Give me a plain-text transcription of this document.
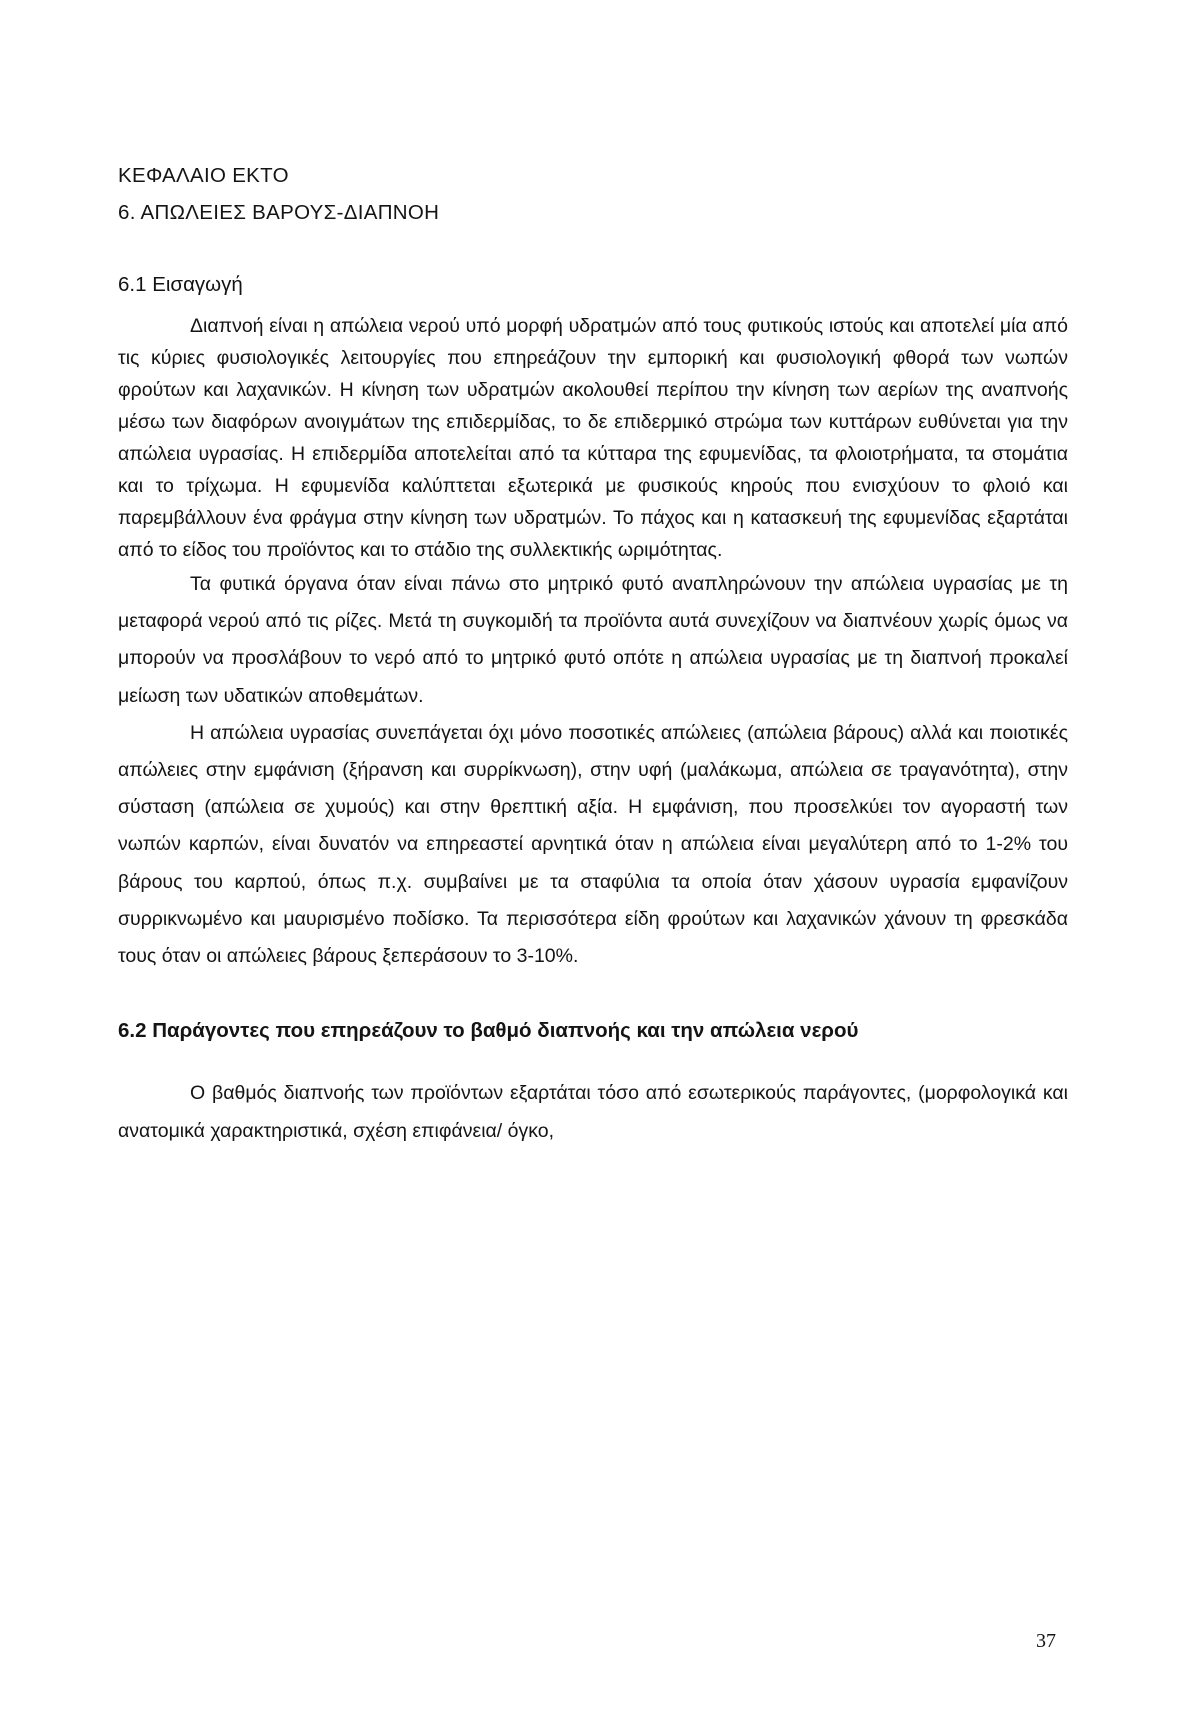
ΚΕΦΑΛΑΙΟ ΕΚΤΟ
6. ΑΠΩΛΕΙΕΣ ΒΑΡΟΥΣ-ΔΙΑΠΝΟΗ
6.1 Εισαγωγή

Διαπνοή είναι η απώλεια νερού υπό μορφή υδρατμών από τους φυτικούς ιστούς και αποτελεί μία από τις κύριες φυσιολογικές λειτουργίες που επηρεάζουν την εμπορική και φυσιολογική φθορά των νωπών φρούτων και λαχανικών. Η κίνηση των υδρατμών ακολουθεί περίπου την κίνηση των αερίων της αναπνοής μέσω των διαφόρων ανοιγμάτων της επιδερμίδας, το δε επιδερμικό στρώμα των κυττάρων ευθύνεται για την απώλεια υγρασίας. Η επιδερμίδα αποτελείται από τα κύτταρα της εφυμενίδας, τα φλοιοτρήματα, τα στομάτια και το τρίχωμα. Η εφυμενίδα καλύπτεται εξωτερικά με φυσικούς κηρούς που ενισχύουν το φλοιό και παρεμβάλλουν ένα φράγμα στην κίνηση των υδρατμών. Το πάχος και η κατασκευή της εφυμενίδας εξαρτάται από το είδος του προϊόντος και το στάδιο της συλλεκτικής ωριμότητας.

Τα φυτικά όργανα όταν είναι πάνω στο μητρικό φυτό αναπληρώνουν την απώλεια υγρασίας με τη μεταφορά νερού από τις ρίζες. Μετά τη συγκομιδή τα προϊόντα αυτά συνεχίζουν να διαπνέουν χωρίς όμως να μπορούν να προσλάβουν το νερό από το μητρικό φυτό οπότε η απώλεια υγρασίας με τη διαπνοή προκαλεί μείωση των υδατικών αποθεμάτων.

Η απώλεια υγρασίας συνεπάγεται όχι μόνο ποσοτικές απώλειες (απώλεια βάρους) αλλά και ποιοτικές απώλειες στην εμφάνιση (ξήρανση και συρρίκνωση), στην υφή (μαλάκωμα, απώλεια σε τραγανότητα), στην σύσταση (απώλεια σε χυμούς) και στην θρεπτική αξία. Η εμφάνιση, που προσελκύει τον αγοραστή των νωπών καρπών, είναι δυνατόν να επηρεαστεί αρνητικά όταν η απώλεια είναι μεγαλύτερη από το 1-2% του βάρους του καρπού, όπως π.χ. συμβαίνει με τα σταφύλια τα οποία όταν χάσουν υγρασία εμφανίζουν συρρικνωμένο και μαυρισμένο ποδίσκο. Τα περισσότερα είδη φρούτων και λαχανικών χάνουν τη φρεσκάδα τους όταν οι απώλειες βάρους ξεπεράσουν το 3-10%.

6.2 Παράγοντες που επηρεάζουν το βαθμό διαπνοής και την απώλεια νερού

Ο βαθμός διαπνοής των προϊόντων εξαρτάται τόσο από εσωτερικούς παράγοντες, (μορφολογικά και ανατομικά χαρακτηριστικά, σχέση επιφάνεια/ όγκο,

37
